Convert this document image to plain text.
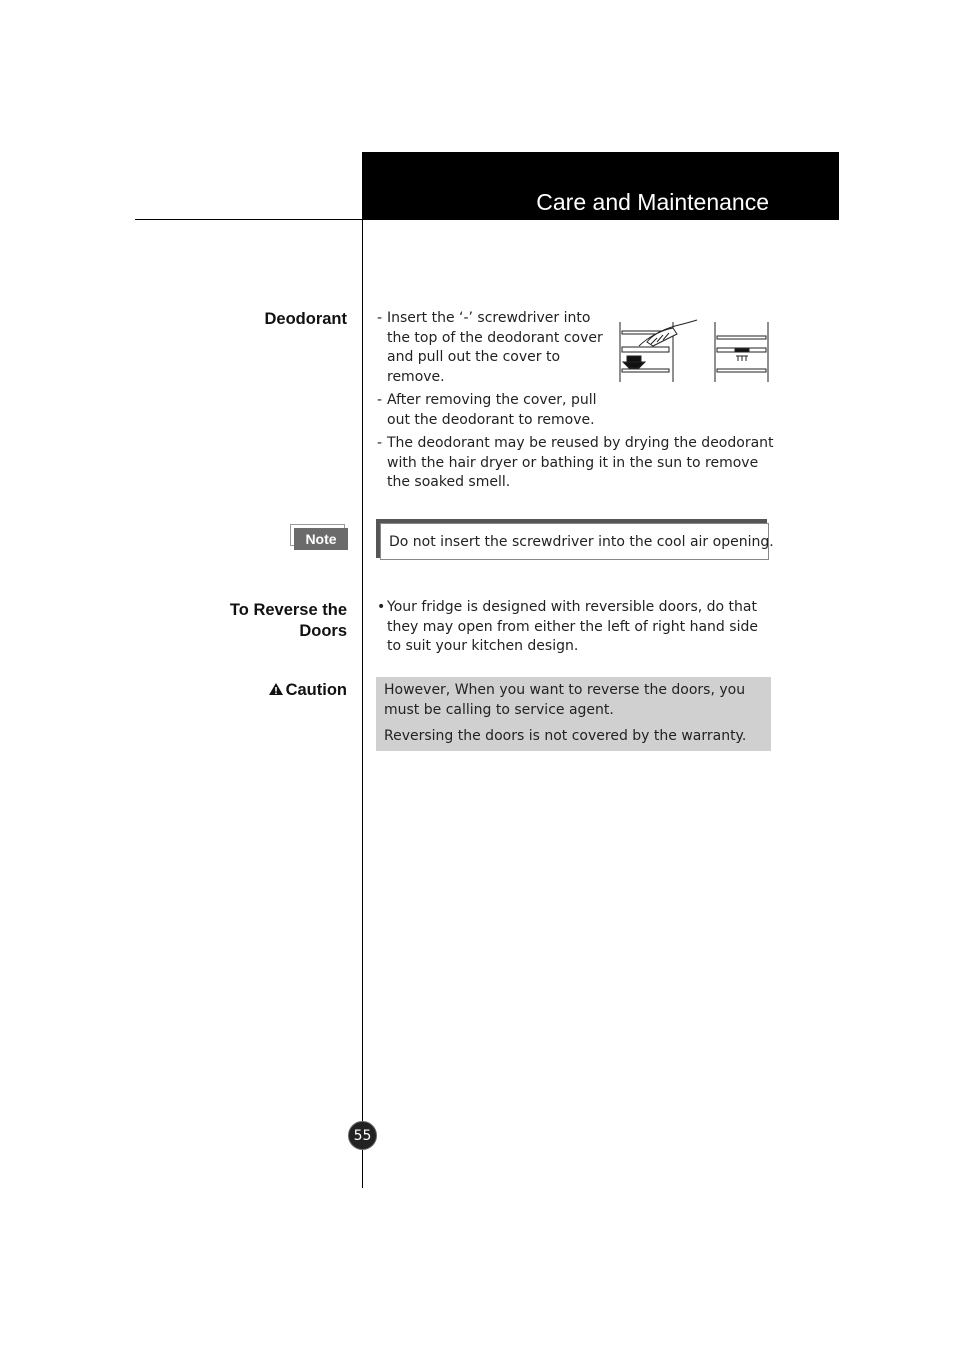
Care and Maintenance
Deodorant - Insert the ‘-’ screwdriver into
the top of the deodorant cover
and pull out the cover to
remove.
- After removing the cover, pull
out the deodorant to remove.
- The deodorant may be reused by drying the deodorant
with the hair dryer or bathing it in the sun to remove
the soaked smell.
Note	Do not insert the screwdriver into the cool air opening.
To Reverse the
Doors
• Your fridge is designed with reversible doors, do that
they may open from either the left of right hand side
to suit your kitchen design.
Caution	However, When you want to reverse the doors, you
must be calling to service agent.
Reversing the doors is not covered by the warranty.
55
